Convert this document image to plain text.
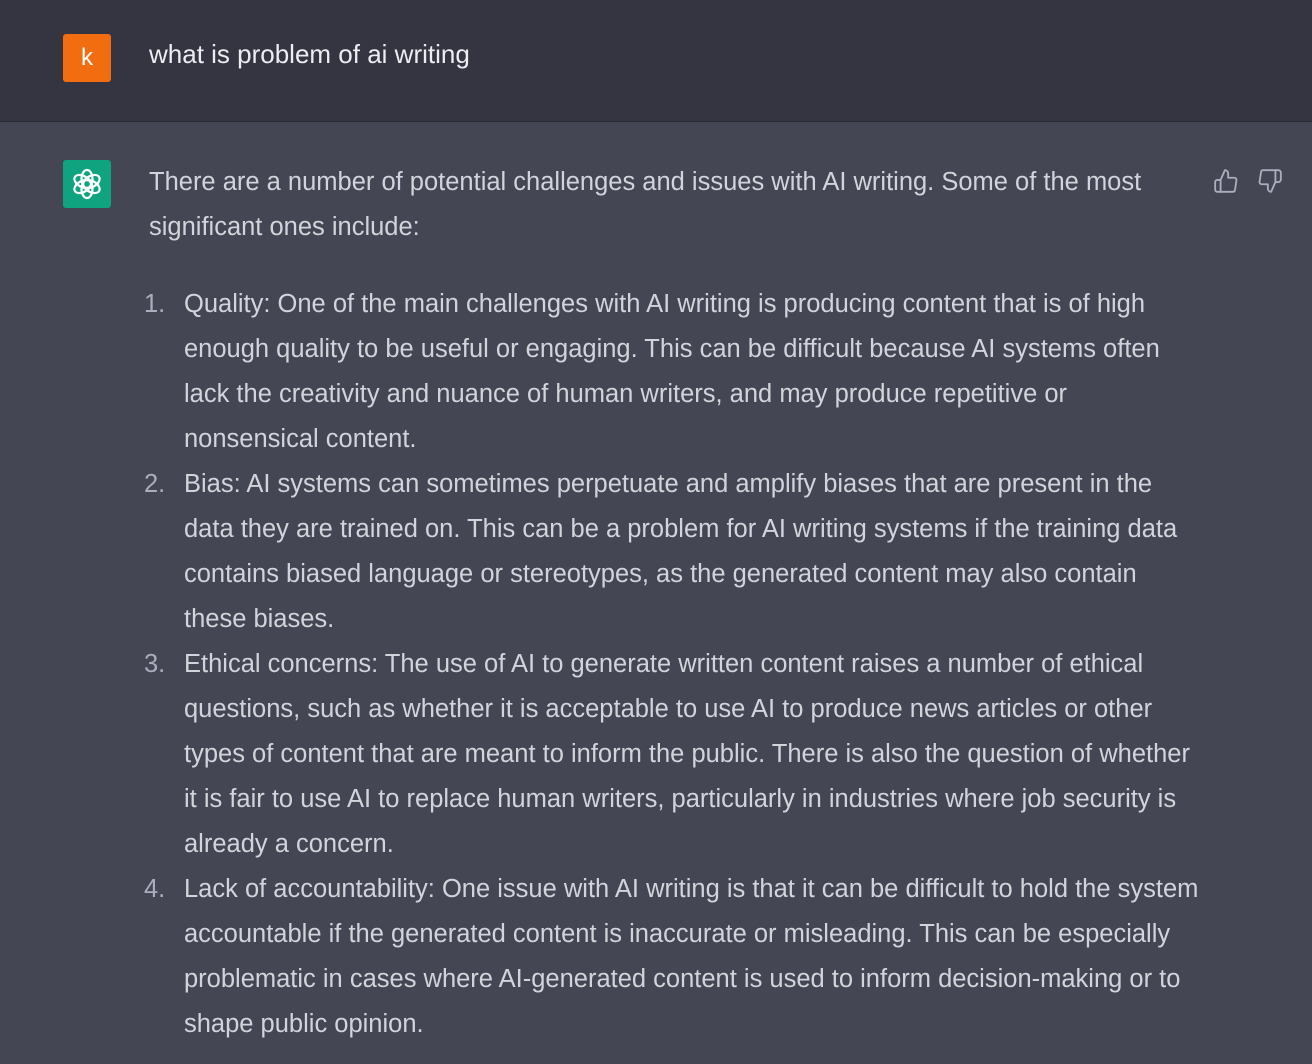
k what is problem of ai writing

There are a number of potential challenges and issues with AI writing. Some of the most significant ones include:

1. Quality: One of the main challenges with AI writing is producing content that is of high enough quality to be useful or engaging. This can be difficult because AI systems often lack the creativity and nuance of human writers, and may produce repetitive or nonsensical content.
2. Bias: AI systems can sometimes perpetuate and amplify biases that are present in the data they are trained on. This can be a problem for AI writing systems if the training data contains biased language or stereotypes, as the generated content may also contain these biases.
3. Ethical concerns: The use of AI to generate written content raises a number of ethical questions, such as whether it is acceptable to use AI to produce news articles or other types of content that are meant to inform the public. There is also the question of whether it is fair to use AI to replace human writers, particularly in industries where job security is already a concern.
4. Lack of accountability: One issue with AI writing is that it can be difficult to hold the system accountable if the generated content is inaccurate or misleading. This can be especially problematic in cases where AI-generated content is used to inform decision-making or to shape public opinion.
